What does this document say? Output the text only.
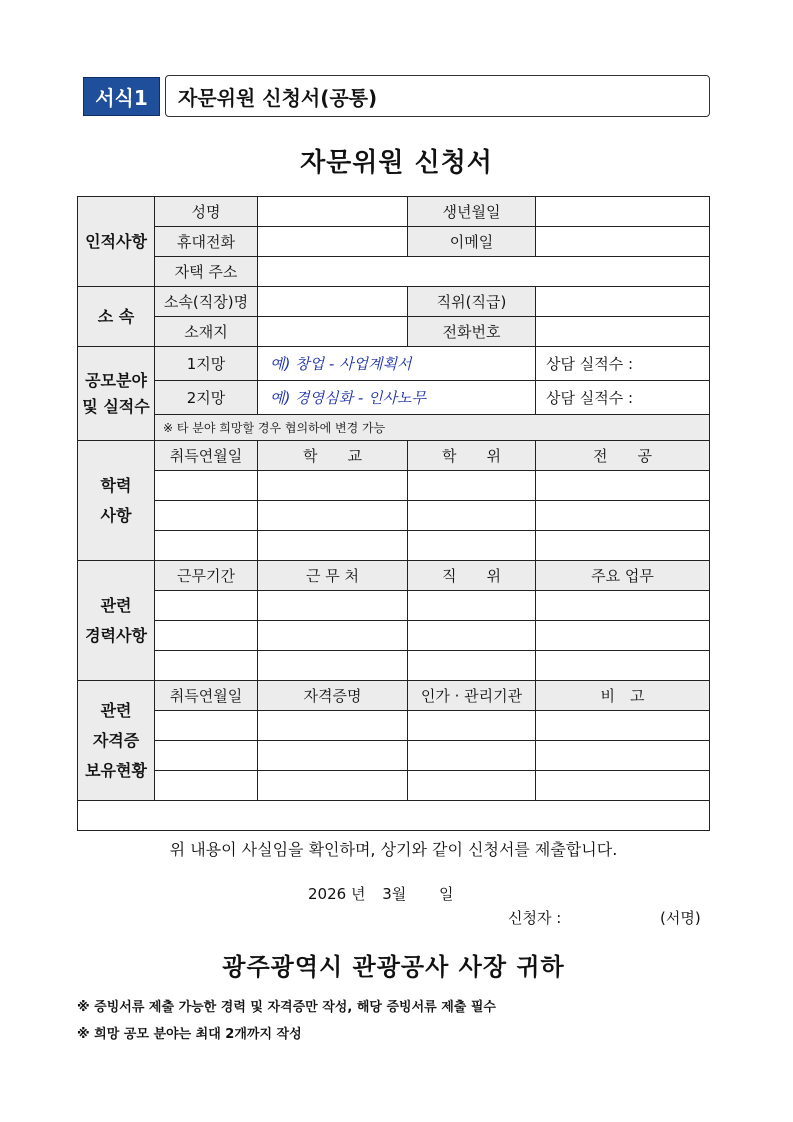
서식1	자문위원 신청서(공통)
자문위원 신청서
인적사항	성명		생년월일	
	휴대전화		이메일	
	자택 주소			
소 속	소속(직장)명		직위(직급)	
	소재지		전화번호	

공모분야
및 실적수	1지망	예) 창업 - 사업계획서		상담 실적수 :
	2지망	예) 경영심화 - 인사노무		상담 실적수 :
	※ 타 분야 희망할 경우 협의하에 변경 가능			

학력
사항	취득연월일	학　　교	학　　위	전　　공

관련
경력사항	근무기간	근 무 처	직　　위	주요 업무

관련
자격증
보유현황	취득연월일	자격증명	인가 · 관리기관	비　고

위 내용이 사실임을 확인하며, 상기와 같이 신청서를 제출합니다.
2026 년 3월 일
신청자 : (서명)
광주광역시 관광공사 사장 귀하				
※ 증빙서류 제출 가능한 경력 및 자격증만 작성, 해당 증빙서류 제출 필수
※ 희망 공모 분야는 최대 2개까지 작성
